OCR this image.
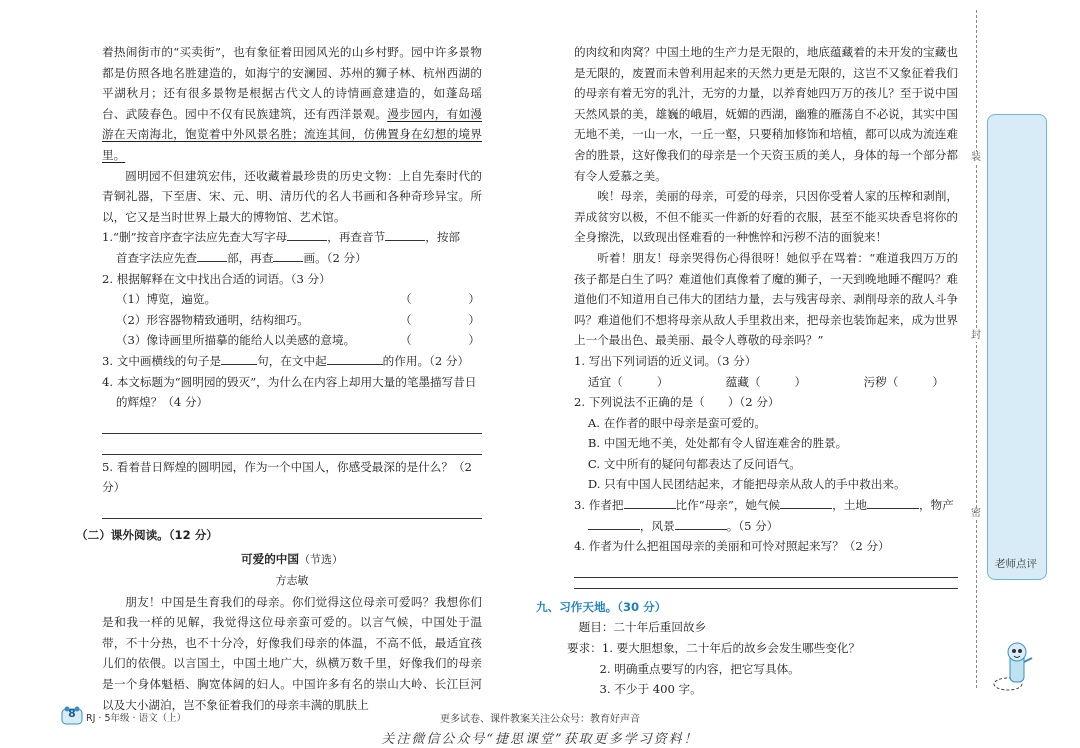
着热闹街市的“买卖街”，也有象征着田园风光的山乡村野。园中许多景物都是仿照各地名胜建造的，如海宁的安澜园、苏州的狮子林、杭州西湖的平湖秋月；还有很多景物是根据古代文人的诗情画意建造的，如蓬岛瑶台、武陵春色。园中不仅有民族建筑，还有西洋景观。漫步园内，有如漫游在天南海北，饱览着中外风景名胜；流连其间，仿佛置身在幻想的境界里。
圆明园不但建筑宏伟，还收藏着最珍贵的历史文物：上自先秦时代的青铜礼器，下至唐、宋、元、明、清历代的名人书画和各种奇珍异宝。所以，它又是当时世界上最大的博物馆、艺术馆。
1.“删”按音序查字法应先查大写字母	，再查音节	，按部
首查字法应先查	部，再查	画。（2 分）
2. 根据解释在文中找出合适的词语。（3 分）
（1）博览，遍览。	（	）
（2）形容器物精致通明，结构细巧。	（	）
（3）像诗画里所描摹的能给人以美感的意境。	（	）
3. 文中画横线的句子是	句，在文中起	的作用。（2 分）
4. 本文标题为“圆明园的毁灭”，为什么在内容上却用大量的笔墨描写昔日的辉煌？（4 分）
5. 看着昔日辉煌的圆明园，作为一个中国人，你感受最深的是什么？（2 分）
（二）课外阅读。（12 分）
可爱的中国（节选）
方志敏
朋友！中国是生育我们的母亲。你们觉得这位母亲可爱吗？我想你们是和我一样的见解，我觉得这位母亲蛮可爱的。以言气候，中国处于温带，不十分热，也不十分冷，好像我们母亲的体温，不高不低，最适宜孩儿们的依偎。以言国土，中国土地广大，纵横万数千里，好像我们的母亲是一个身体魁梧、胸宽体阔的妇人。中国许多有名的崇山大岭、长江巨河以及大小湖泊，岂不象征着我们的母亲丰满的肌肤上
的肉纹和肉窝？中国土地的生产力是无限的，地底蕴藏着的未开发的宝藏也是无限的，废置而未曾利用起来的天然力更是无限的，这岂不又象征着我们的母亲有着无穷的乳汁，无穷的力量，以养育她四万万的孩儿？至于说中国天然风景的美，雄巍的峨眉，妩媚的西湖，幽雅的雁荡自不必说，其实中国无地不美，一山一水，一丘一壑，只要稍加修饰和培植，都可以成为流连难舍的胜景，这好像我们的母亲是一个天资玉质的美人，身体的每一个部分都有令人爱慕之美。
唉！母亲，美丽的母亲，可爱的母亲，只因你受着人家的压榨和剥削，弄成贫穷以极，不但不能买一件新的好看的衣服，甚至不能买块香皂将你的全身擦洗，以致现出怪难看的一种憔悴和污秽不洁的面貌来！
听着！朋友！母亲哭得伤心得很呀！她似乎在骂着：“难道我四万万的孩子都是白生了吗？难道他们真像着了魔的狮子，一天到晚地睡不醒吗？难道他们不知道用自己伟大的团结力量，去与残害母亲、剥削母亲的敌人斗争吗？难道他们不想将母亲从敌人手里救出来，把母亲也装饰起来，成为世界上一个最出色、最美丽、最令人尊敬的母亲吗？”
1. 写出下列词语的近义词。（3 分）
适宜（	）	蕴藏（	）	污秽（	）
2. 下列说法不正确的是（　　）（2 分）
A. 在作者的眼中母亲是蛮可爱的。
B. 中国无地不美，处处都有令人留连难舍的胜景。
C. 文中所有的疑问句都表达了反问语气。
D. 只有中国人民团结起来，才能把母亲从敌人的手中救出来。
3. 作者把	比作“母亲”，她气候	，土地	，物产
，风景	。（5 分）
4. 作者为什么把祖国母亲的美丽和可怜对照起来写？（2 分）
九、习作天地。（30 分）
题目：二十年后重回故乡
要求：1. 要大胆想象，二十年后的故乡会发生哪些变化？
2. 明确重点要写的内容，把它写具体。
3. 不少于 400 字。
装
封
密
老师点评
8	RJ · 5年级 · 语文（上）	更多试卷、课件教案关注公众号：教育好声音
关注微信公众号“捷思课堂”获取更多学习资料！
